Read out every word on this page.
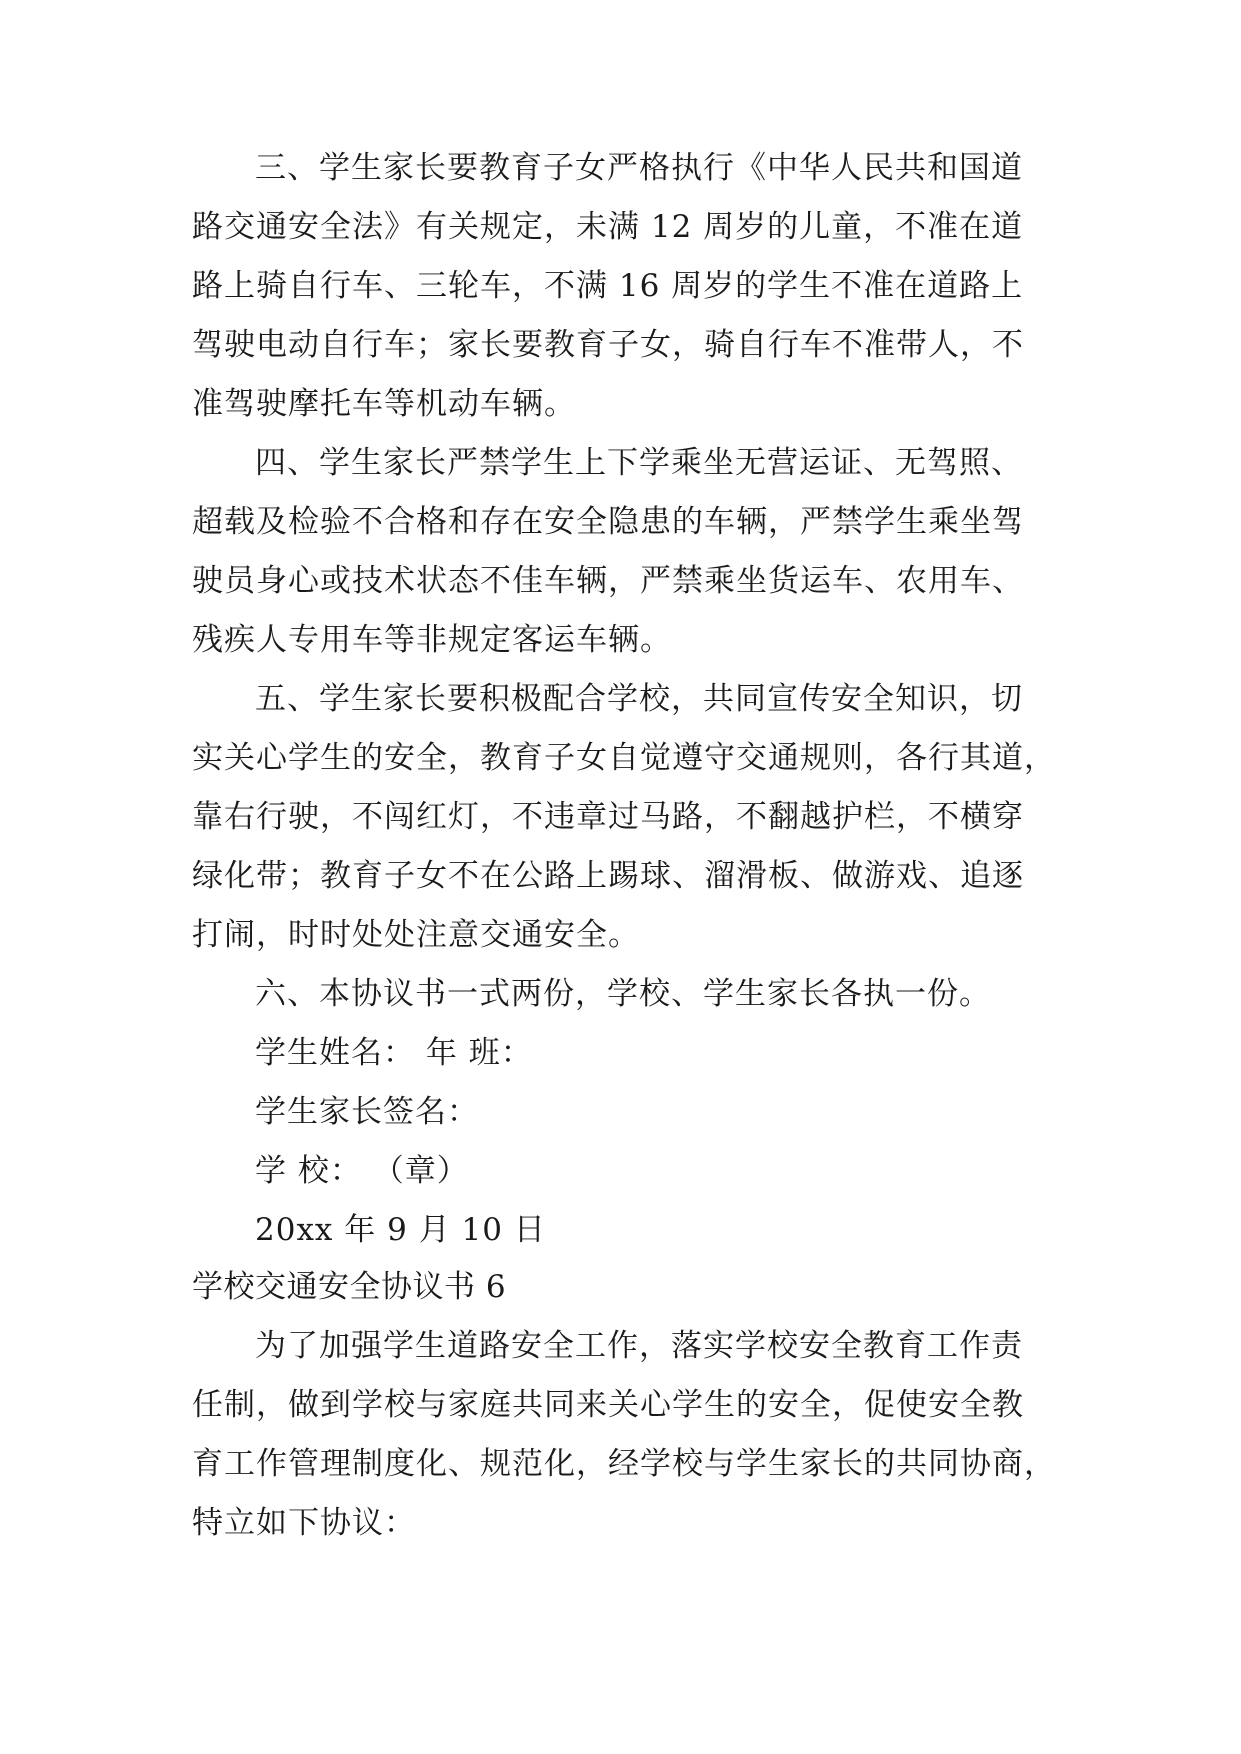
三、学生家长要教育子女严格执行《中华人民共和国道

路交通安全法》有关规定，未满 12 周岁的儿童，不准在道

路上骑自行车、三轮车，不满 16 周岁的学生不准在道路上

驾驶电动自行车；家长要教育子女，骑自行车不准带人，不

准驾驶摩托车等机动车辆。

四、学生家长严禁学生上下学乘坐无营运证、无驾照、

超载及检验不合格和存在安全隐患的车辆，严禁学生乘坐驾

驶员身心或技术状态不佳车辆，严禁乘坐货运车、农用车、

残疾人专用车等非规定客运车辆。

五、学生家长要积极配合学校，共同宣传安全知识，切

实关心学生的安全，教育子女自觉遵守交通规则，各行其道，

靠右行驶，不闯红灯，不违章过马路，不翻越护栏，不横穿

绿化带；教育子女不在公路上踢球、溜滑板、做游戏、追逐

打闹，时时处处注意交通安全。

六、本协议书一式两份，学校、学生家长各执一份。

学生姓名： 年 班：

学生家长签名：

学 校： （章）

20xx 年 9 月 10 日

学校交通安全协议书 6

为了加强学生道路安全工作，落实学校安全教育工作责

任制，做到学校与家庭共同来关心学生的安全，促使安全教

育工作管理制度化、规范化，经学校与学生家长的共同协商，

特立如下协议：
